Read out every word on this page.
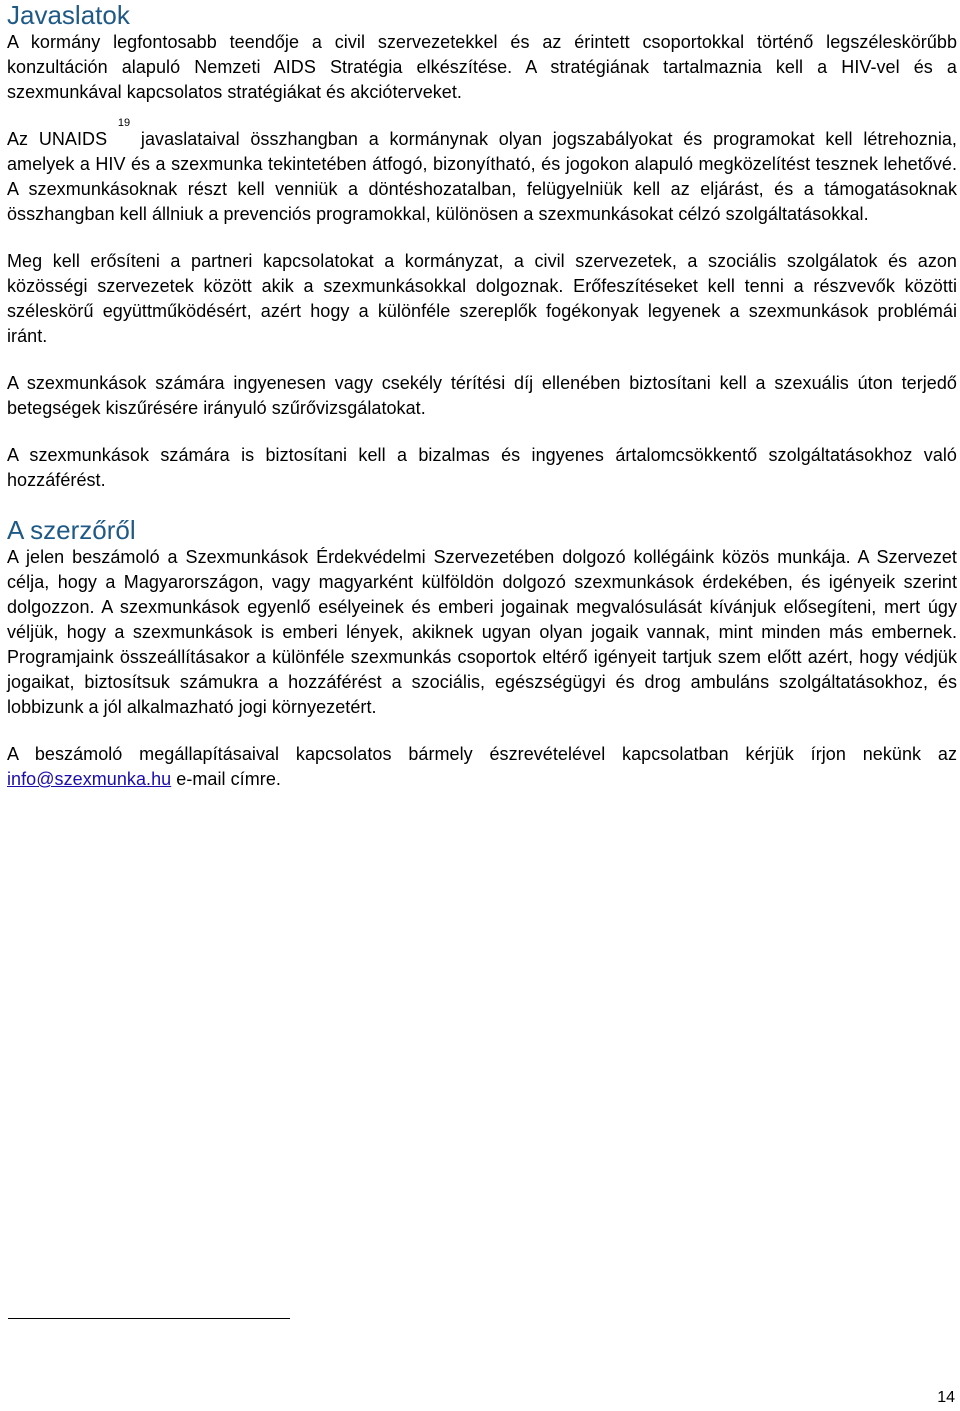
Javaslatok

A kormány legfontosabb teendője a civil szervezetekkel és az érintett csoportokkal történő legszéleskörűbb konzultáción alapuló Nemzeti AIDS Stratégia elkészítése. A stratégiának tartalmaznia kell a HIV-vel és a szexmunkával kapcsolatos stratégiákat és akcióterveket.

Az UNAIDS $^{19}$ javaslataival összhangban a kormánynak olyan jogszabályokat és programokat kell létrehoznia, amelyek a HIV és a szexmunka tekintetében átfogó, bizonyítható, és jogokon alapuló megközelítést tesznek lehetővé. A szexmunkásoknak részt kell venniük a döntéshozatalban, felügyelniük kell az eljárást, és a támogatásoknak összhangban kell állniuk a prevenciós programokkal, különösen a szexmunkásokat célzó szolgáltatásokkal.

Meg kell erősíteni a partneri kapcsolatokat a kormányzat, a civil szervezetek, a szociális szolgálatok és azon közösségi szervezetek között akik a szexmunkásokkal dolgoznak. Erőfeszítéseket kell tenni a részvevők közötti széleskörű együttműködésért, azért hogy a különféle szereplők fogékonyak legyenek a szexmunkások problémái iránt.

A szexmunkások számára ingyenesen vagy csekély térítési díj ellenében biztosítani kell a szexuális úton terjedő betegségek kiszűrésére irányuló szűrővizsgálatokat.

A szexmunkások számára is biztosítani kell a bizalmas és ingyenes ártalomcsökkentő szolgáltatásokhoz való hozzáférést.

A szerzőről

A jelen beszámoló a Szexmunkások Érdekvédelmi Szervezetében dolgozó kollégáink közös munkája. A Szervezet célja, hogy a Magyarországon, vagy magyarként külföldön dolgozó szexmunkások érdekében, és igényeik szerint dolgozzon. A szexmunkások egyenlő esélyeinek és emberi jogainak megvalósulását kívánjuk elősegíteni, mert úgy véljük, hogy a szexmunkások is emberi lények, akiknek ugyan olyan jogaik vannak, mint minden más embernek. Programjaink összeállításakor a különféle szexmunkás csoportok eltérő igényeit tartjuk szem előtt azért, hogy védjük jogaikat, biztosítsuk számukra a hozzáférést a szociális, egészségügyi és drog ambuláns szolgáltatásokhoz, és lobbizunk a jól alkalmazható jogi környezetért.

A beszámoló megállapításaival kapcsolatos bármely észrevételével kapcsolatban kérjük írjon nekünk az info@szexmunka.hu e-mail címre.

14
